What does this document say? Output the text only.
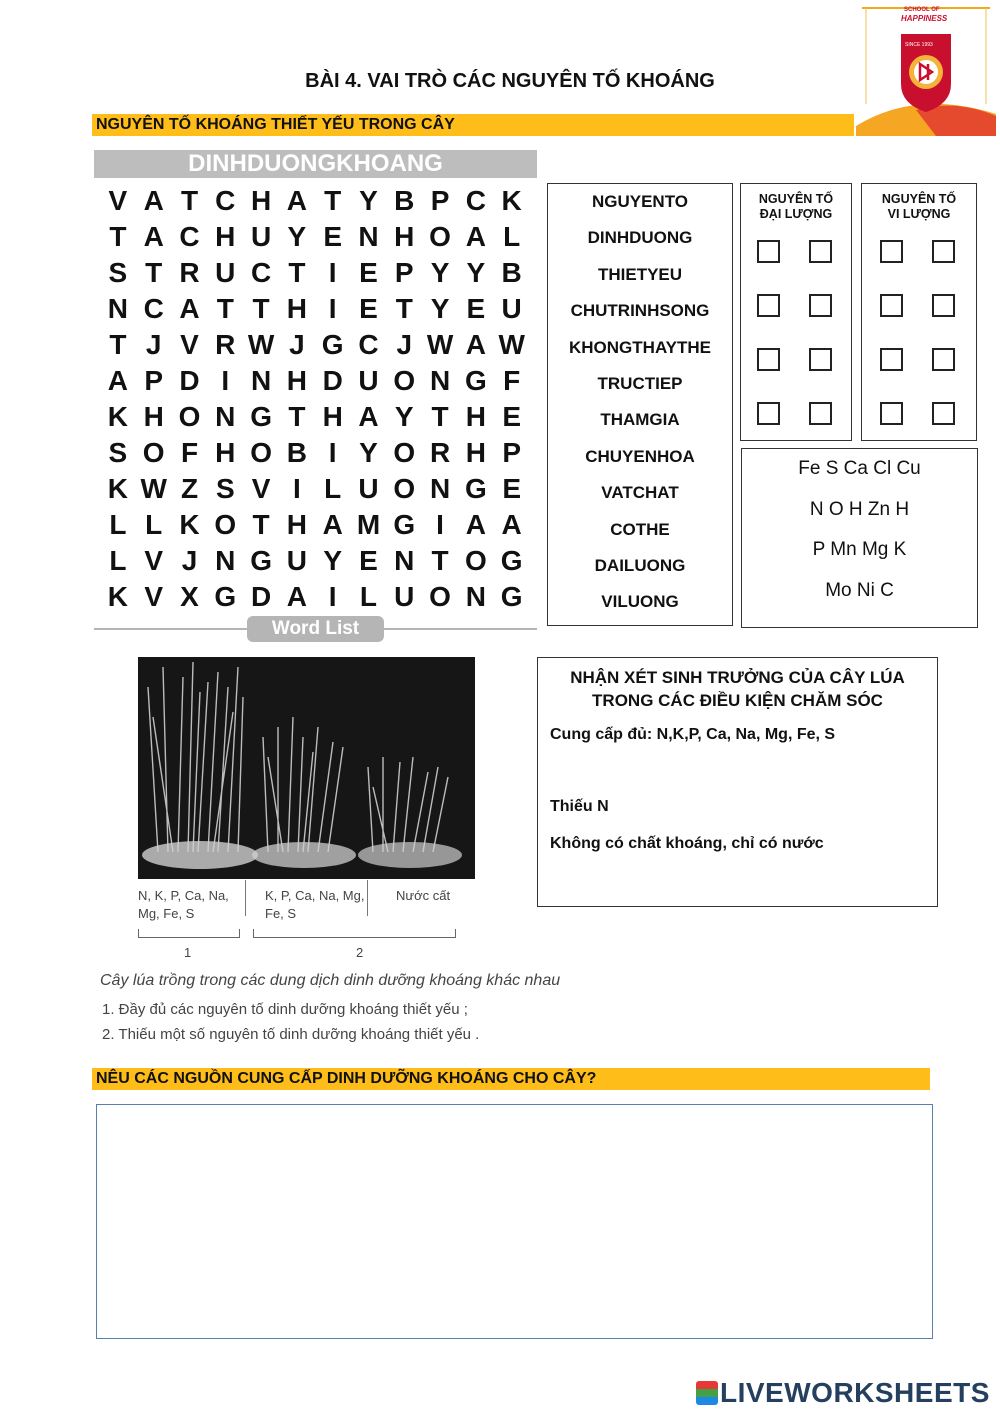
SCHOOL OF
HAPPINESS
SINCE 1993
BÀI 4. VAI TRÒ CÁC NGUYÊN TỐ KHOÁNG
NGUYÊN TỐ KHOÁNG THIẾT YẾU TRONG CÂY
DINHDUONGKHOANG
V A T C H A T Y B P C K
T A C H U Y E N H O A L
S T R U C T I E P Y Y B
N C A T T H I E T Y E U
T J V R W J G C J W A W
A P D I N H D U O N G F
K H O N G T H A Y T H E
S O F H O B I Y O R H P
K W Z S V I L U O N G E
L L K O T H A M G I A A
L V J N G U Y E N T O G
K V X G D A I L U O N G
Word List
NGUYENTO
DINHDUONG
THIETYEU
CHUTRINHSONG
KHONGTHAYTHE
TRUCTIEP
THAMGIA
CHUYENHOA
VATCHAT
COTHE
DAILUONG
VILUONG
NGUYÊN TỐ ĐẠI LƯỢNG
NGUYÊN TỐ VI LƯỢNG
Fe S Ca Cl Cu
N O H Zn H
P Mn Mg K
Mo Ni C
N, K, P, Ca, Na, Mg, Fe, S
K, P, Ca, Na, Mg, Fe, S
Nước cất
1	2
Cây lúa trồng trong các dung dịch dinh dưỡng khoáng khác nhau
1. Đầy đủ các nguyên tố dinh dưỡng khoáng thiết yếu ;
2. Thiếu một số nguyên tố dinh dưỡng khoáng thiết yếu .
NHẬN XÉT SINH TRƯỞNG CỦA CÂY LÚA TRONG CÁC ĐIỀU KIỆN CHĂM SÓC
Cung cấp đủ: N,K,P, Ca, Na, Mg, Fe, S
Thiếu N
Không có chất khoáng, chỉ có nước
NÊU CÁC NGUỒN CUNG CẤP DINH DƯỠNG KHOÁNG CHO CÂY?
LIVEWORKSHEETS
